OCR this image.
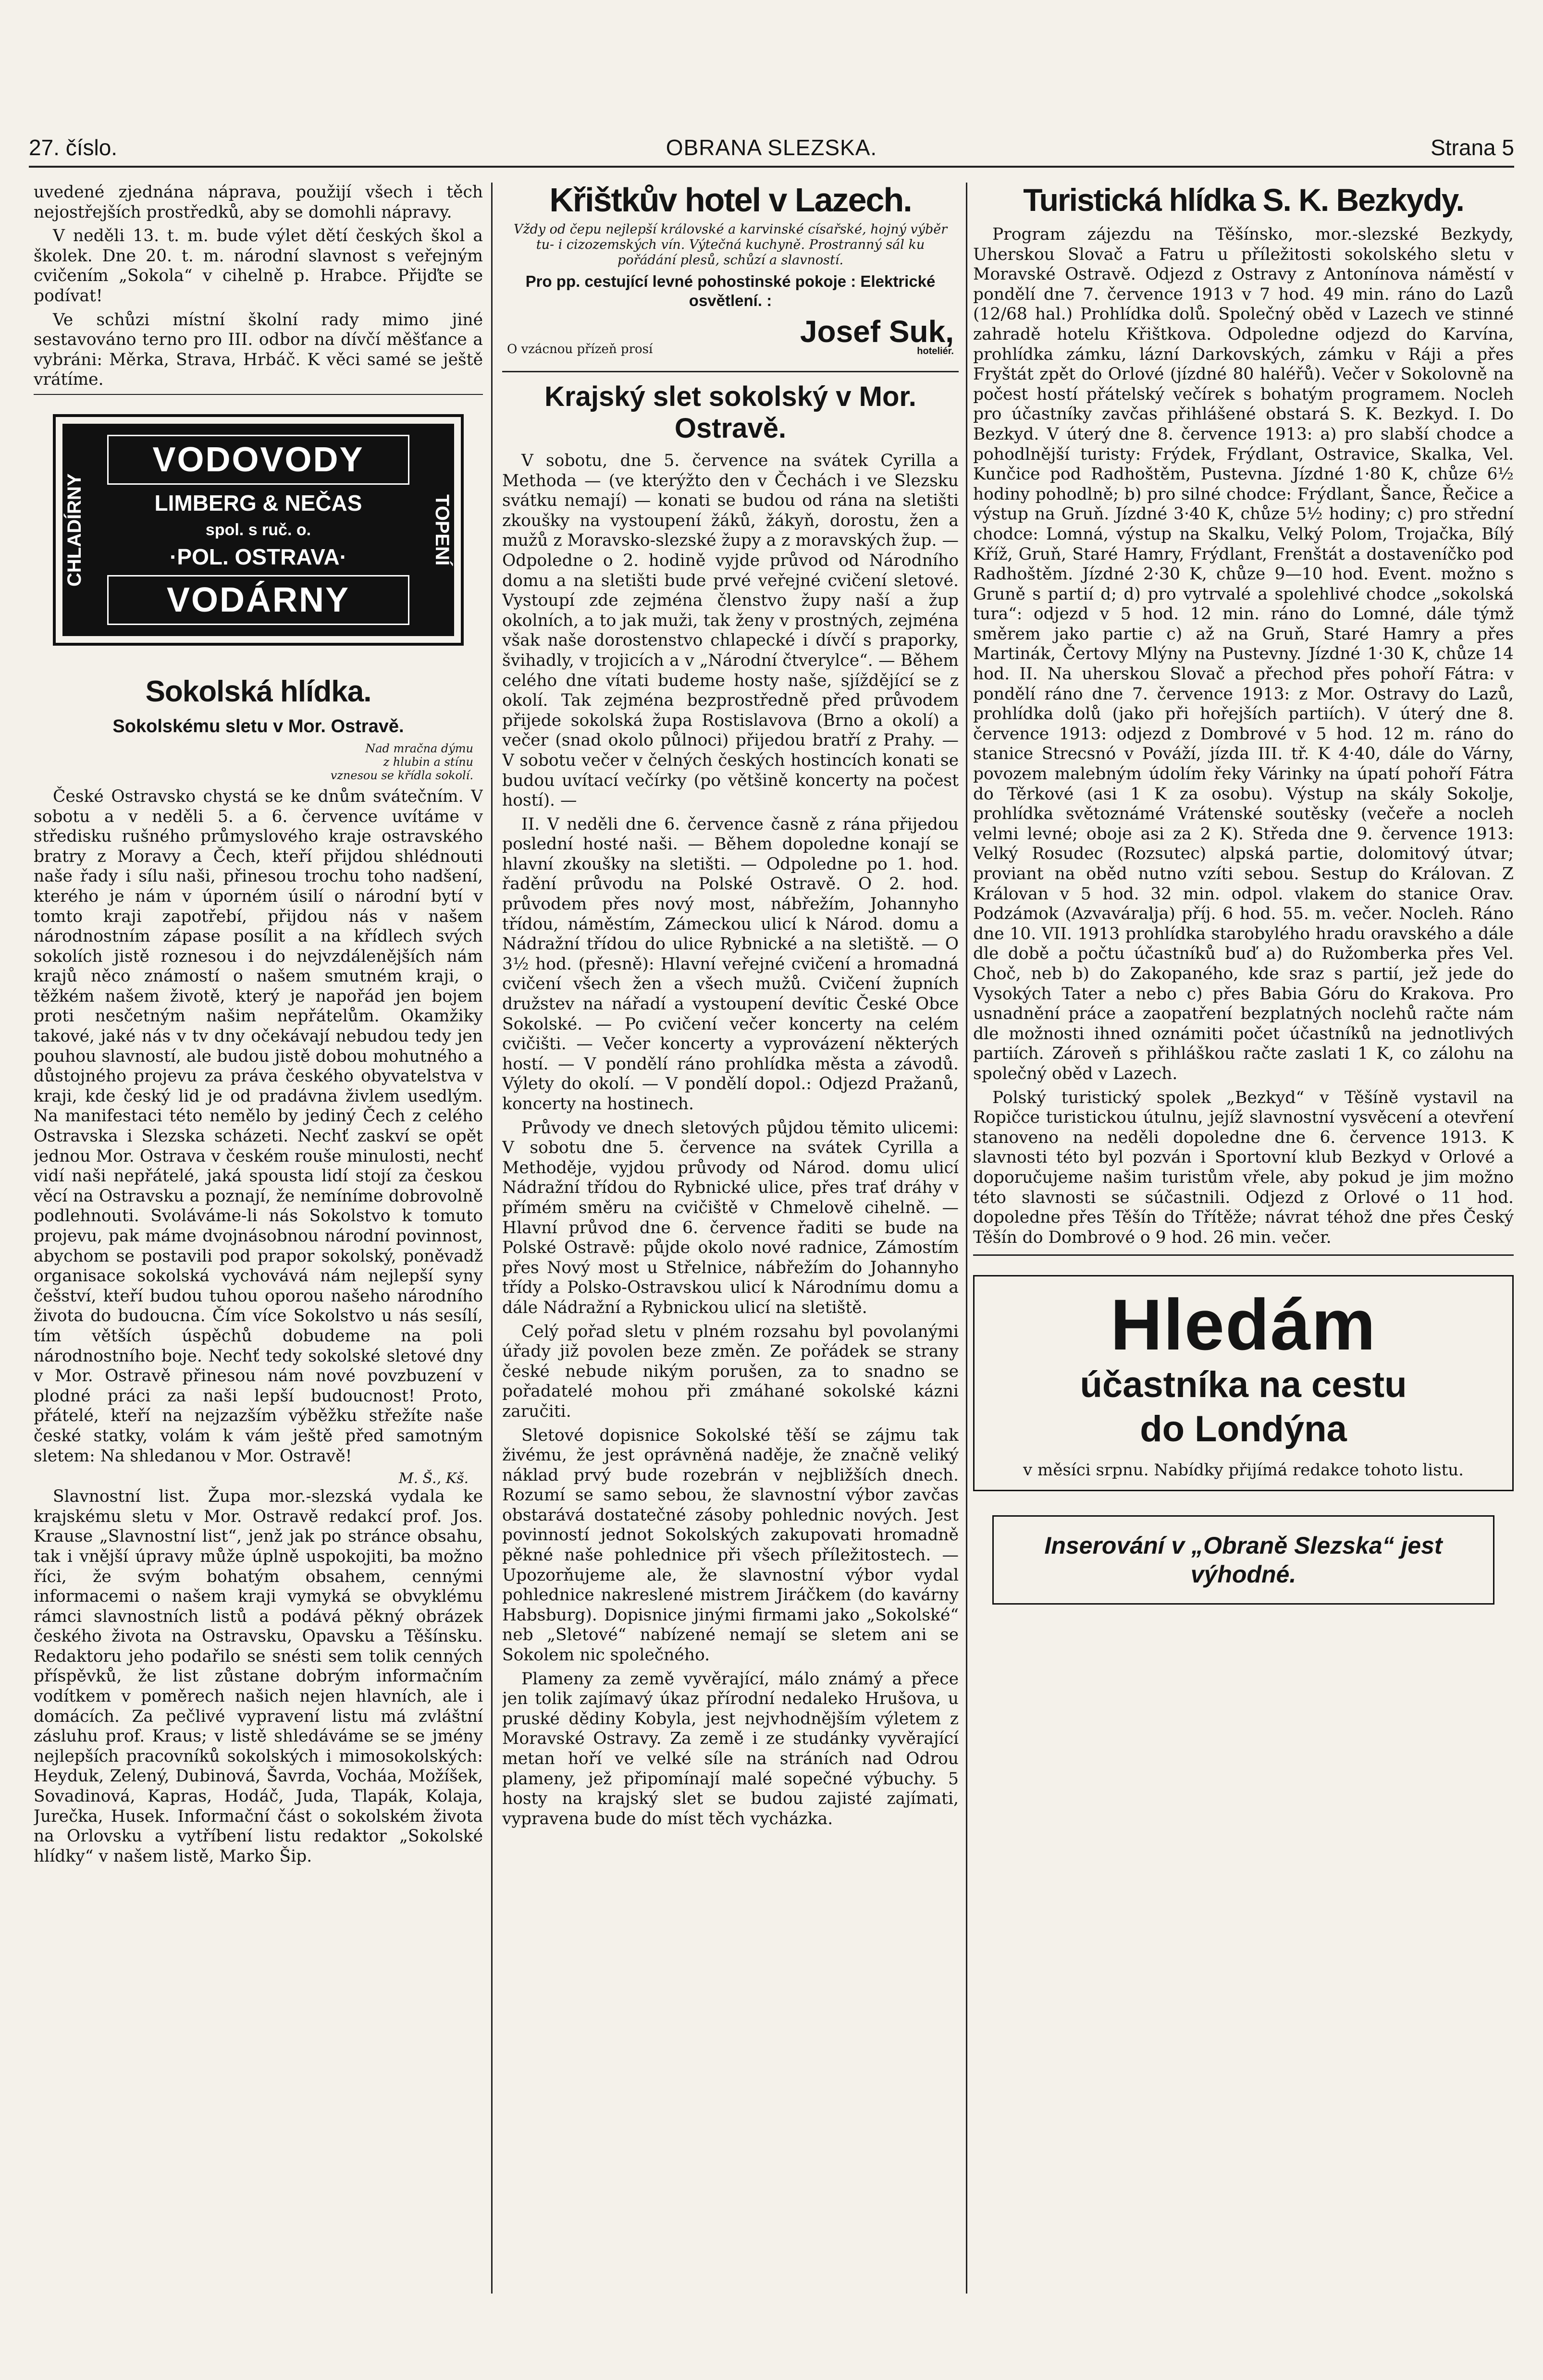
27. číslo.	OBRANA SLEZSKA.	Strana 5

uvedené zjednána náprava, použijí všech i těch nejostřejších prostředků, aby se domohli nápravy.

V neděli 13. t. m. bude výlet dětí českých škol a školek. Dne 20. t. m. národní slavnost s veřejným cvičením „Sokola“ v cihelně p. Hrabce. Přijďte se podívat!

Ve schůzi místní školní rady mimo jiné sestavováno terno pro III. odbor na dívčí měšťance a vybráni: Měrka, Strava, Hrbáč. K věci samé se ještě vrátíme.

CHLADÍRNY
VODOVODY
LIMBERG & NEČAS
spol. s ruč. o.
·POL. OSTRAVA·
VODÁRNY
TOPENÍ
Sokolská hlídka.
Sokolskému sletu v Mor. Ostravě.
Nad mračna dýmu
z hlubin a stínu
vznesou se křídla sokolí.

České Ostravsko chystá se ke dnům svátečním. V sobotu a v neděli 5. a 6. července uvítáme v středisku rušného průmyslového kraje ostravského bratry z Moravy a Čech, kteří přijdou shlédnouti naše řady i sílu naši, přinesou trochu toho nadšení, kterého je nám v úporném úsilí o národní bytí v tomto kraji zapotřebí, přijdou nás v našem národnostním zápase posílit a na křídlech svých sokolích jistě roznesou i do nejvzdálenějších nám krajů něco známostí o našem smutném kraji, o těžkém našem životě, který je napořád jen bojem proti nesčetným našim nepřátelům. Okamžiky takové, jaké nás v tv dny očekávají nebudou tedy jen pouhou slavností, ale budou jistě dobou mohutného a důstojného projevu za práva českého obyvatelstva v kraji, kde český lid je od pradávna živlem usedlým. Na manifestaci této nemělo by jediný Čech z celého Ostravska i Slezska scházeti. Nechť zaskví se opět jednou Mor. Ostrava v českém rouše minulosti, nechť vidí naši nepřátelé, jaká spousta lidí stojí za českou věcí na Ostravsku a poznají, že nemíníme dobrovolně podlehnouti. Svoláváme-li nás Sokolstvo k tomuto projevu, pak máme dvojnásobnou národní povinnost, abychom se postavili pod prapor sokolský, poněvadž organisace sokolská vychovává nám nejlepší syny češství, kteří budou tuhou oporou našeho národního života do budoucna. Čím více Sokolstvo u nás sesílí, tím větších úspěchů dobudeme na poli národnostního boje. Nechť tedy sokolské sletové dny v Mor. Ostravě přinesou nám nové povzbuzení v plodné práci za naši lepší budoucnost! Proto, přátelé, kteří na nejzazším výběžku střežíte naše české statky, volám k vám ještě před samotným sletem: Na shledanou v Mor. Ostravě!

M. Š., Kš.

Slavnostní list. Župa mor.-slezská vydala ke krajskému sletu v Mor. Ostravě redakcí prof. Jos. Krause „Slavnostní list“, jenž jak po stránce obsahu, tak i vnější úpravy může úplně uspokojiti, ba možno říci, že svým bohatým obsahem, cennými informacemi o našem kraji vymyká se obvyklému rámci slavnostních listů a podává pěkný obrázek českého života na Ostravsku, Opavsku a Těšínsku. Redaktoru jeho podařilo se snésti sem tolik cenných příspěvků, že list zůstane dobrým informačním vodítkem v poměrech našich nejen hlavních, ale i domácích. Za pečlivé vypravení listu má zvláštní zásluhu prof. Kraus; v listě shledáváme se se jmény nejlepších pracovníků sokolských i mimosokolských: Heyduk, Zelený, Dubinová, Šavrda, Vocháa, Možíšek, Sovadinová, Kapras, Hodáč, Juda, Tlapák, Kolaja, Jurečka, Husek. Informační část o sokolském života na Orlovsku a vytříbení listu redaktor „Sokolské hlídky“ v našem listě, Marko Šip.

Křištkův hotel v Lazech.
Vždy od čepu nejlepší královské a karvinské císařské, hojný výběr tu- i cizozemských vín. Výtečná kuchyně. Prostranný sál ku pořádání plesů, schůzí a slavností.
Pro pp. cestující levné pohostinské pokoje : Elektrické osvětlení. :
O vzácnou přízeň prosí
Josef Suk,
hoteliér.
Krajský slet sokolský v Mor. Ostravě.

V sobotu, dne 5. července na svátek Cyrilla a Methoda — (ve kterýžto den v Čechách i ve Slezsku svátku nemají) — konati se budou od rána na sletišti zkoušky na vystoupení žáků, žákyň, dorostu, žen a mužů z Moravsko-slezské župy a z moravských žup. — Odpoledne o 2. hodině vyjde průvod od Národního domu a na sletišti bude prvé veřejné cvičení sletové. Vystoupí zde zejména členstvo župy naší a žup okolních, a to jak muži, tak ženy v prostných, zejména však naše dorostenstvo chlapecké i dívčí s praporky, švihadly, v trojicích a v „Národní čtverylce“. — Během celého dne vítati budeme hosty naše, sjíždějící se z okolí. Tak zejména bezprostředně před průvodem přijede sokolská župa Rostislavova (Brno a okolí) a večer (snad okolo půlnoci) přijedou bratří z Prahy. — V sobotu večer v čelných českých hostincích konati se budou uvítací večírky (po většině koncerty na počest hostí). —

II. V neděli dne 6. července časně z rána přijedou poslední hosté naši. — Během dopoledne konají se hlavní zkoušky na sletišti. — Odpoledne po 1. hod. řadění průvodu na Polské Ostravě. O 2. hod. průvodem přes nový most, nábřežím, Johannyho třídou, náměstím, Zámeckou ulicí k Národ. domu a Nádražní třídou do ulice Rybnické a na sletiště. — O 3½ hod. (přesně): Hlavní veřejné cvičení a hromadná cvičení všech žen a všech mužů. Cvičení župních družstev na nářadí a vystoupení devític České Obce Sokolské. — Po cvičení večer koncerty na celém cvičišti. — Večer koncerty a vyprovázení některých hostí. — V pondělí ráno prohlídka města a závodů. Výlety do okolí. — V pondělí dopol.: Odjezd Pražanů, koncerty na hostinech.

Průvody ve dnech sletových půjdou těmito ulicemi: V sobotu dne 5. července na svátek Cyrilla a Methoděje, vyjdou průvody od Národ. domu ulicí Nádražní třídou do Rybnické ulice, přes trať dráhy v přímém směru na cvičiště v Chmelově cihelně. — Hlavní průvod dne 6. července řaditi se bude na Polské Ostravě: půjde okolo nové radnice, Zámostím přes Nový most u Střelnice, nábřežím do Johannyho třídy a Polsko-Ostravskou ulicí k Národnímu domu a dále Nádražní a Rybnickou ulicí na sletiště.

Celý pořad sletu v plném rozsahu byl povolanými úřady již povolen beze změn. Ze pořádek se strany české nebude nikým porušen, za to snadno se pořadatelé mohou při zmáhané sokolské kázni zaručiti.

Sletové dopisnice Sokolské těší se zájmu tak živému, že jest oprávněná naděje, že značně veliký náklad prvý bude rozebrán v nejbližších dnech. Rozumí se samo sebou, že slavnostní výbor zavčas obstarává dostatečné zásoby pohlednic nových. Jest povinností jednot Sokolských zakupovati hromadně pěkné naše pohlednice při všech příležitostech. — Upozorňujeme ale, že slavnostní výbor vydal pohlednice nakreslené mistrem Jiráčkem (do kavárny Habsburg). Dopisnice jinými firmami jako „Sokolské“ neb „Sletové“ nabízené nemají se sletem ani se Sokolem nic společného.

Plameny za země vyvěrající, málo známý a přece jen tolik zajímavý úkaz přírodní nedaleko Hrušova, u pruské dědiny Kobyla, jest nejvhodnějším výletem z Moravské Ostravy. Za země i ze studánky vyvěrající metan hoří ve velké síle na stráních nad Odrou plameny, jež připomínají malé sopečné výbuchy. 5 hosty na krajský slet se budou zajisté zajímati, vypravena bude do míst těch vycházka.

Turistická hlídka S. K. Bezkydy.

Program zájezdu na Těšínsko, mor.-slezské Bezkydy, Uherskou Slovač a Fatru u příležitosti sokolského sletu v Moravské Ostravě. Odjezd z Ostravy z Antonínova náměstí v pondělí dne 7. července 1913 v 7 hod. 49 min. ráno do Lazů (12/68 hal.) Prohlídka dolů. Společný oběd v Lazech ve stinné zahradě hotelu Křištkova. Odpoledne odjezd do Karvína, prohlídka zámku, lázní Darkovských, zámku v Ráji a přes Fryštát zpět do Orlové (jízdné 80 haléřů). Večer v Sokolovně na počest hostí přátelský večírek s bohatým programem. Nocleh pro účastníky zavčas přihlášené obstará S. K. Bezkyd. I. Do Bezkyd. V úterý dne 8. července 1913: a) pro slabší chodce a pohodlnější turisty: Frýdek, Frýdlant, Ostravice, Skalka, Vel. Kunčice pod Radhoštěm, Pustevna. Jízdné 1·80 K, chůze 6½ hodiny pohodlně; b) pro silné chodce: Frýdlant, Šance, Řečice a výstup na Gruň. Jízdné 3·40 K, chůze 5½ hodiny; c) pro střední chodce: Lomná, výstup na Skalku, Velký Polom, Trojačka, Bílý Kříž, Gruň, Staré Hamry, Frýdlant, Frenštát a dostaveníčko pod Radhoštěm. Jízdné 2·30 K, chůze 9—10 hod. Event. možno s Gruně s partií d; d) pro vytrvalé a spolehlivé chodce „sokolská tura“: odjezd v 5 hod. 12 min. ráno do Lomné, dále týmž směrem jako partie c) až na Gruň, Staré Hamry a přes Martinák, Čertovy Mlýny na Pustevny. Jízdné 1·30 K, chůze 14 hod. II. Na uherskou Slovač a přechod přes pohoří Fátra: v pondělí ráno dne 7. července 1913: z Mor. Ostravy do Lazů, prohlídka dolů (jako při hořejších partiích). V úterý dne 8. července 1913: odjezd z Dombrové v 5 hod. 12 m. ráno do stanice Strecsnó v Pováží, jízda III. tř. K 4·40, dále do Várny, povozem malebným údolím řeky Várinky na úpatí pohoří Fátra do Těrkové (asi 1 K za osobu). Výstup na skály Sokolje, prohlídka světoznámé Vrátenské soutěsky (večeře a nocleh velmi levné; oboje asi za 2 K). Středa dne 9. července 1913: Velký Rosudec (Rozsutec) alpská partie, dolomitový útvar; proviant na oběd nutno vzíti sebou. Sestup do Královan. Z Královan v 5 hod. 32 min. odpol. vlakem do stanice Orav. Podzámok (Azvaváralja) příj. 6 hod. 55. m. večer. Nocleh. Ráno dne 10. VII. 1913 prohlídka starobylého hradu oravského a dále dle době a počtu účastníků buď a) do Ružomberka přes Vel. Choč, neb b) do Zakopaného, kde sraz s partií, jež jede do Vysokých Tater a nebo c) přes Babia Góru do Krakova. Pro usnadnění práce a zaopatření bezplatných noclehů račte nám dle možnosti ihned oznámiti počet účastníků na jednotlivých partiích. Zároveň s přihláškou račte zaslati 1 K, co zálohu na společný oběd v Lazech.

Polský turistický spolek „Bezkyd“ v Těšíně vystavil na Ropičce turistickou útulnu, jejíž slavnostní vysvěcení a otevření stanoveno na neděli dopoledne dne 6. července 1913. K slavnosti této byl pozván i Sportovní klub Bezkyd v Orlové a doporučujeme našim turistům vřele, aby pokud je jim možno této slavnosti se súčastnili. Odjezd z Orlové o 11 hod. dopoledne přes Těšín do Třítěže; návrat téhož dne přes Český Těšín do Dombrové o 9 hod. 26 min. večer.

Hledám
účastníka na cestu
do Londýna
v měsíci srpnu. Nabídky přijímá redakce tohoto listu.
Inserování v „Obraně Slezska“ jest výhodné.
